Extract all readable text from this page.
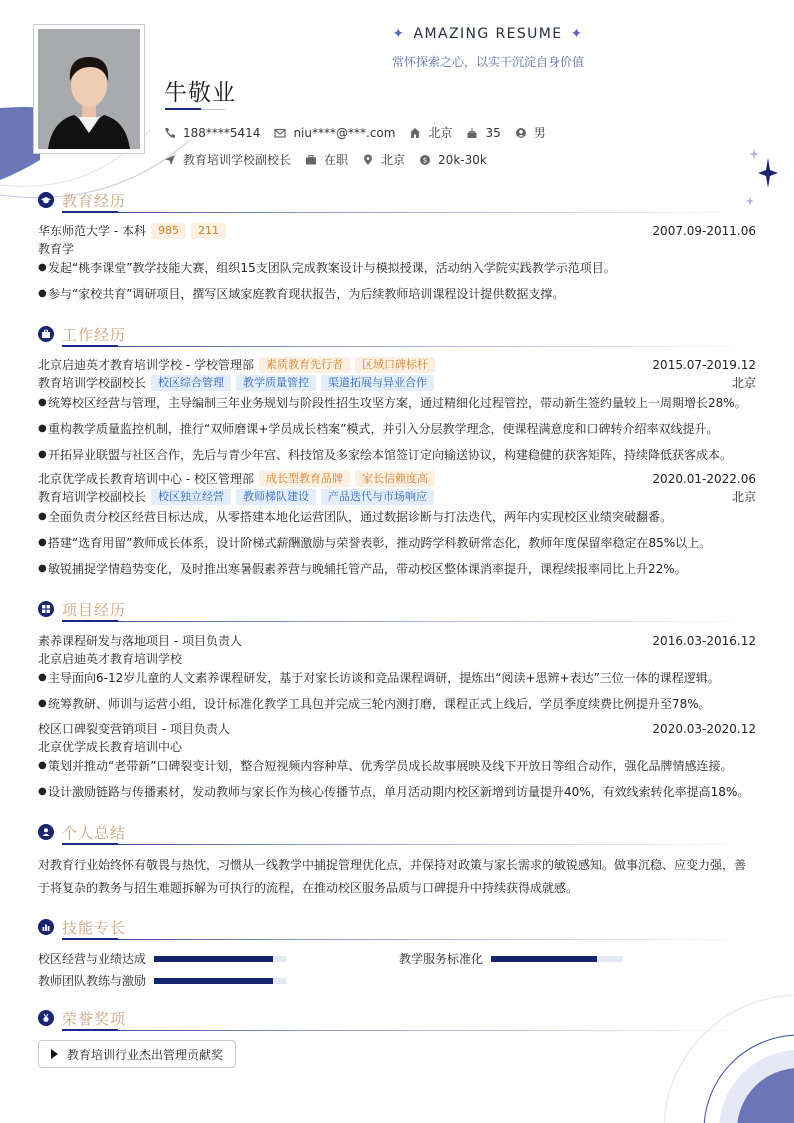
✦ AMAZING RESUME ✦
常怀探索之心，以实干沉淀自身价值
牛敬业
188****5414	niu****@***.com	北京	35	男
教育培训学校副校长	在职	北京	$ 20k-30k
教育经历
华东师范大学 - 本科	985	211	2007.09-2011.06
教育学
● 发起“桃李课堂”教学技能大赛，组织15支团队完成教案设计与模拟授课，活动纳入学院实践教学示范项目。
● 参与“家校共育”调研项目，撰写区域家庭教育现状报告，为后续教师培训课程设计提供数据支撑。
工作经历
北京启迪英才教育培训学校 - 学校管理部	素质教育先行者	区域口碑标杆	2015.07-2019.12
教育培训学校副校长	校区综合管理	教学质量管控	渠道拓展与异业合作	北京
● 统筹校区经营与管理，主导编制三年业务规划与阶段性招生攻坚方案，通过精细化过程管控，带动新生签约量较上一周期增长28%。
● 重构教学质量监控机制，推行“双师磨课+学员成长档案”模式，并引入分层教学理念，使课程满意度和口碑转介绍率双线提升。
● 开拓异业联盟与社区合作，先后与青少年宫、科技馆及多家绘本馆签订定向输送协议，构建稳健的获客矩阵，持续降低获客成本。
北京优学成长教育培训中心 - 校区管理部	成长型教育品牌	家长信赖度高	2020.01-2022.06
教育培训学校副校长	校区独立经营	教师梯队建设	产品迭代与市场响应	北京
● 全面负责分校区经营目标达成，从零搭建本地化运营团队，通过数据诊断与打法迭代，两年内实现校区业绩突破翻番。
● 搭建“选育用留”教师成长体系，设计阶梯式薪酬激励与荣誉表彰，推动跨学科教研常态化，教师年度保留率稳定在85%以上。
● 敏锐捕捉学情趋势变化，及时推出寒暑假素养营与晚辅托管产品，带动校区整体课消率提升，课程续报率同比上升22%。
项目经历
素养课程研发与落地项目 - 项目负责人	2016.03-2016.12
北京启迪英才教育培训学校
● 主导面向6-12岁儿童的人文素养课程研发，基于对家长访谈和竞品课程调研，提炼出“阅读+思辨+表达”三位一体的课程逻辑。
● 统筹教研、师训与运营小组，设计标准化教学工具包并完成三轮内测打磨，课程正式上线后，学员季度续费比例提升至78%。
校区口碑裂变营销项目 - 项目负责人	2020.03-2020.12
北京优学成长教育培训中心
● 策划并推动“老带新”口碑裂变计划，整合短视频内容种草、优秀学员成长故事展映及线下开放日等组合动作，强化品牌情感连接。
● 设计激励链路与传播素材，发动教师与家长作为核心传播节点，单月活动期内校区新增到访量提升40%，有效线索转化率提高18%。
个人总结
对教育行业始终怀有敬畏与热忱，习惯从一线教学中捕捉管理优化点，并保持对政策与家长需求的敏锐感知。做事沉稳、应变力强，善于将复杂的教务与招生难题拆解为可执行的流程，在推动校区服务品质与口碑提升中持续获得成就感。
技能专长
校区经营与业绩达成	教学服务标准化
教师团队教练与激励
荣誉奖项
教育培训行业杰出管理贡献奖
